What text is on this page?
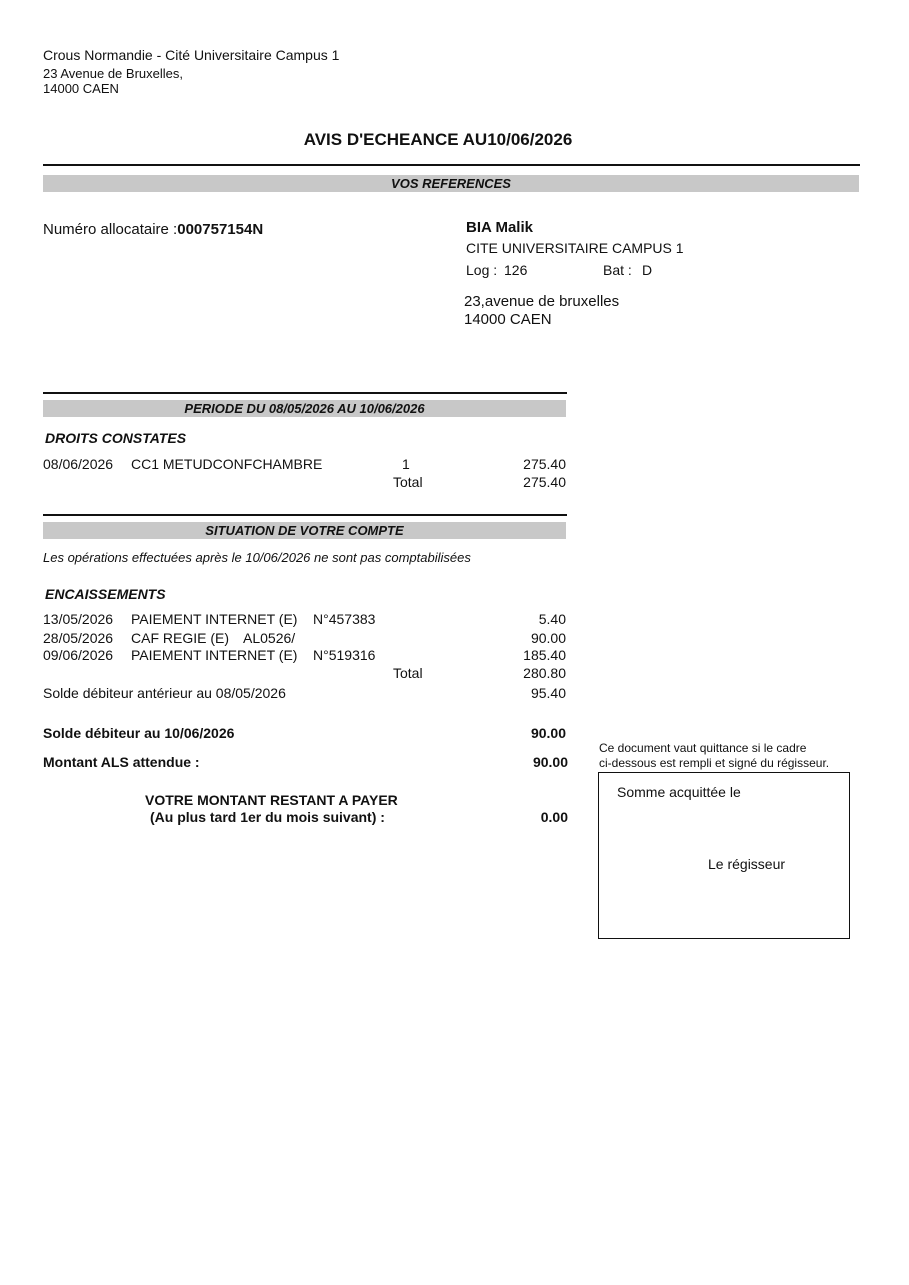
Crous Normandie - Cité Universitaire Campus 1
23 Avenue de Bruxelles,
14000 CAEN
AVIS D'ECHEANCE AU10/06/2026
VOS REFERENCES
Numéro allocataire :000757154N	BIA Malik
CITE UNIVERSITAIRE CAMPUS 1
Log : 126	Bat : D
23,avenue de bruxelles
14000 CAEN
PERIODE DU 08/05/2026 AU 10/06/2026
DROITS CONSTATES
08/06/2026 CC1 METUDCONFCHAMBRE	1	275.40
Total	275.40
SITUATION DE VOTRE COMPTE
Les opérations effectuées après le 10/06/2026 ne sont pas comptabilisées
ENCAISSEMENTS
13/05/2026 PAIEMENT INTERNET (E) N°457383	5.40
28/05/2026 CAF REGIE (E) AL0526/	90.00
09/06/2026 PAIEMENT INTERNET (E) N°519316	185.40
Total	280.80
Solde débiteur antérieur au 08/05/2026	95.40
Solde débiteur au 10/06/2026	90.00
Montant ALS attendue :	90.00
VOTRE MONTANT RESTANT A PAYER
(Au plus tard 1er du mois suivant) :	0.00
Ce document vaut quittance si le cadre
ci-dessous est rempli et signé du régisseur.
Somme acquittée le
Le régisseur
